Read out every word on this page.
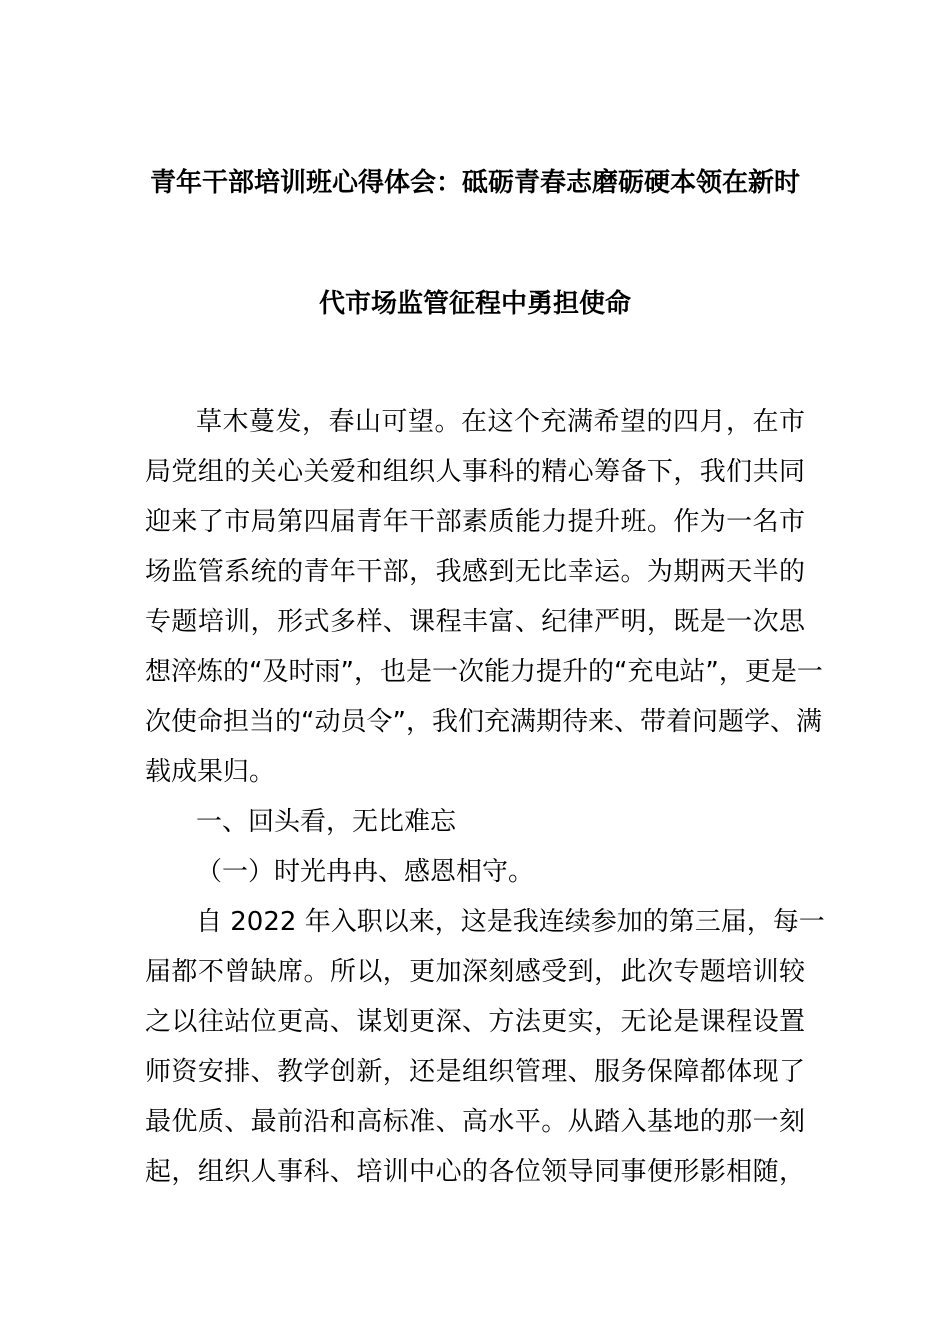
青年干部培训班心得体会：砥砺青春志磨砺硬本领在新时
代市场监管征程中勇担使命
草木蔓发，春山可望。在这个充满希望的四月，在市
局党组的关心关爱和组织人事科的精心筹备下，我们共同
迎来了市局第四届青年干部素质能力提升班。作为一名市
场监管系统的青年干部，我感到无比幸运。为期两天半的
专题培训，形式多样、课程丰富、纪律严明，既是一次思
想淬炼的“及时雨”，也是一次能力提升的“充电站”，更是一
次使命担当的“动员令”，我们充满期待来、带着问题学、满
载成果归。
一、回头看，无比难忘
（一）时光冉冉、感恩相守。
自 2022 年入职以来，这是我连续参加的第三届，每一
届都不曾缺席。所以，更加深刻感受到，此次专题培训较
之以往站位更高、谋划更深、方法更实，无论是课程设置
师资安排、教学创新，还是组织管理、服务保障都体现了
最优质、最前沿和高标准、高水平。从踏入基地的那一刻
起，组织人事科、培训中心的各位领导同事便形影相随，
